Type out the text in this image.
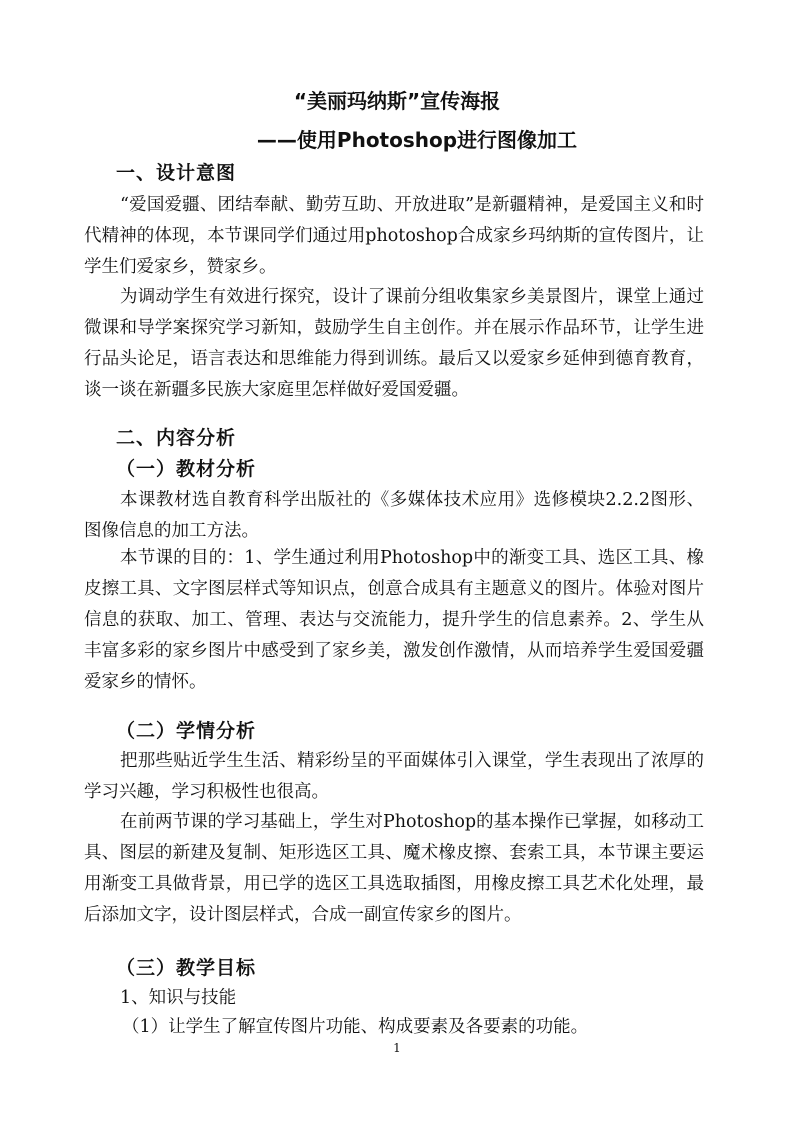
“美丽玛纳斯”宣传海报
——使用Photoshop进行图像加工
一、设计意图
“爱国爱疆、团结奉献、勤劳互助、开放进取”是新疆精神，是爱国主义和时代精神的体现，本节课同学们通过用photoshop合成家乡玛纳斯的宣传图片，让学生们爱家乡，赞家乡。
为调动学生有效进行探究，设计了课前分组收集家乡美景图片，课堂上通过微课和导学案探究学习新知，鼓励学生自主创作。并在展示作品环节，让学生进行品头论足，语言表达和思维能力得到训练。最后又以爱家乡延伸到德育教育，谈一谈在新疆多民族大家庭里怎样做好爱国爱疆。
二、内容分析
（一）教材分析
本课教材选自教育科学出版社的《多媒体技术应用》选修模块2.2.2图形、图像信息的加工方法。
本节课的目的：1、学生通过利用Photoshop中的渐变工具、选区工具、橡皮擦工具、文字图层样式等知识点，创意合成具有主题意义的图片。体验对图片信息的获取、加工、管理、表达与交流能力，提升学生的信息素养。2、学生从丰富多彩的家乡图片中感受到了家乡美，激发创作激情，从而培养学生爱国爱疆爱家乡的情怀。
（二）学情分析
把那些贴近学生生活、精彩纷呈的平面媒体引入课堂，学生表现出了浓厚的学习兴趣，学习积极性也很高。
在前两节课的学习基础上，学生对Photoshop的基本操作已掌握，如移动工具、图层的新建及复制、矩形选区工具、魔术橡皮擦、套索工具，本节课主要运用渐变工具做背景，用已学的选区工具选取插图，用橡皮擦工具艺术化处理，最后添加文字，设计图层样式，合成一副宣传家乡的图片。
（三）教学目标
1、知识与技能
（1）让学生了解宣传图片功能、构成要素及各要素的功能。
1
